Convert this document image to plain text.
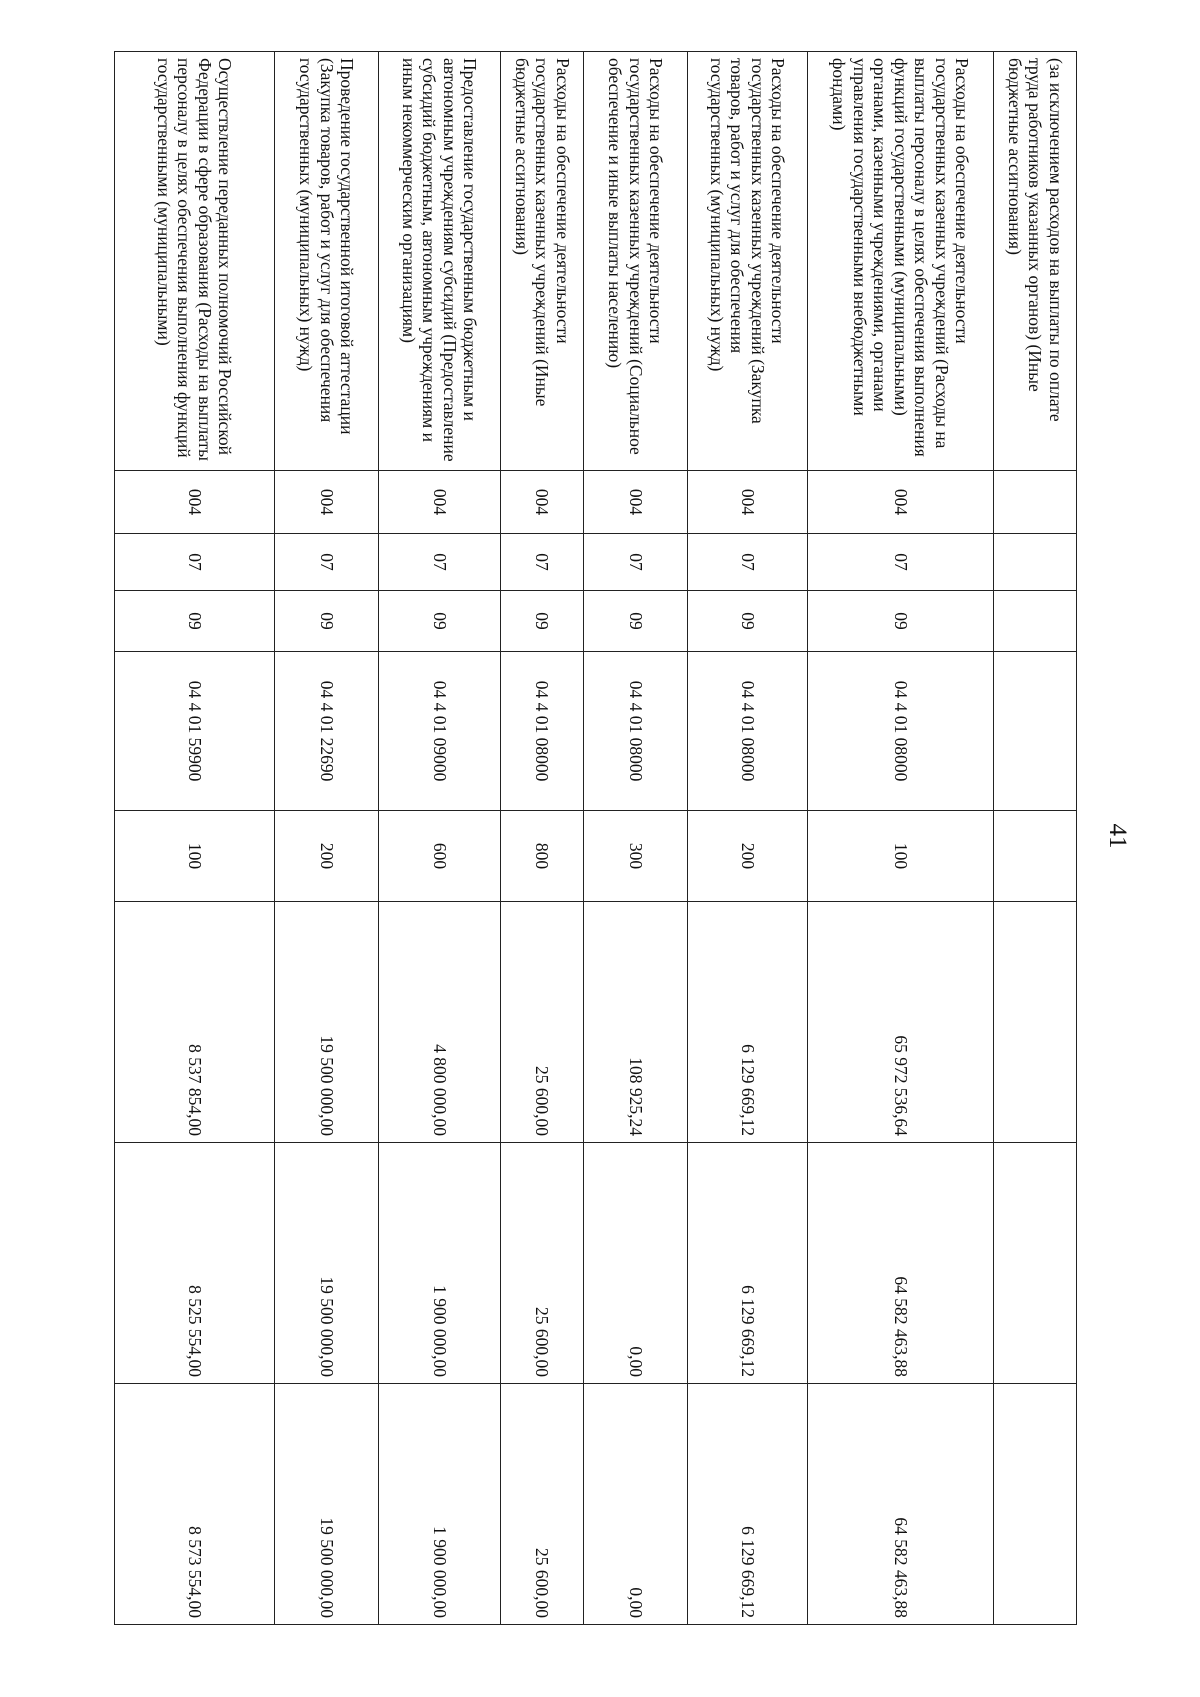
41
(за исключением расходов на выплаты по оплате труда работников указанных органов) (Иные бюджетные ассигнования)								
Расходы на обеспечение деятельности государственных казенных учреждений (Расходы на выплаты персоналу в целях обеспечения выполнения функций государственными (муниципальными) органами, казенными учреждениями, органами управления государственными внебюджетными фондами)	004	07	09	04 4 01 08000	100	65 972 536,64	64 582 463,88	64 582 463,88
Расходы на обеспечение деятельности государственных казенных учреждений (Закупка товаров, работ и услуг для обеспечения государственных (муниципальных) нужд)	004	07	09	04 4 01 08000	200	6 129 669,12	6 129 669,12	6 129 669,12
Расходы на обеспечение деятельности государственных казенных учреждений (Социальное обеспечение и иные выплаты населению)	004	07	09	04 4 01 08000	300	108 925,24	0,00	0,00
Расходы на обеспечение деятельности государственных казенных учреждений (Иные бюджетные ассигнования)	004	07	09	04 4 01 08000	800	25 600,00	25 600,00	25 600,00
Предоставление государственным бюджетным и автономным учреждениям субсидий (Предоставление субсидий бюджетным, автономным учреждениям и иным некоммерческим организациям)	004	07	09	04 4 01 09000	600	4 800 000,00	1 900 000,00	1 900 000,00
Проведение государственной итоговой аттестации (Закупка товаров, работ и услуг для обеспечения государственных (муниципальных) нужд)	004	07	09	04 4 01 22690	200	19 500 000,00	19 500 000,00	19 500 000,00
Осуществление переданных полномочий Российской Федерации в сфере образования (Расходы на выплаты персоналу в целях обеспечения выполнения функций государственными (муниципальными)	004	07	09	04 4 01 59900	100	8 537 854,00	8 525 554,00	8 573 554,00
